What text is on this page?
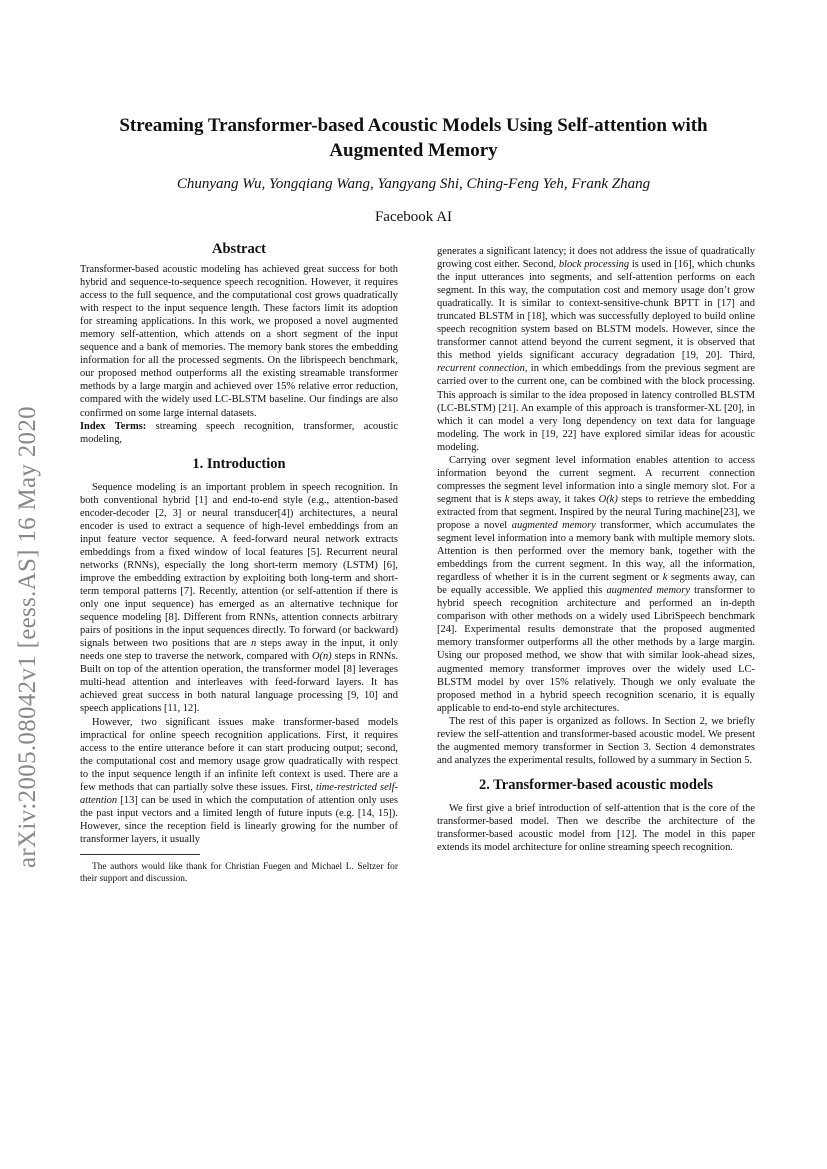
Streaming Transformer-based Acoustic Models Using Self-attention with
Augmented Memory
Chunyang Wu, Yongqiang Wang, Yangyang Shi, Ching-Feng Yeh, Frank Zhang
Facebook AI
arXiv:2005.08042v1 [eess.AS] 16 May 2020
Abstract

Transformer-based acoustic modeling has achieved great success for both hybrid and sequence-to-sequence speech recognition. However, it requires access to the full sequence, and the computational cost grows quadratically with respect to the input sequence length. These factors limit its adoption for streaming applications. In this work, we proposed a novel augmented memory self-attention, which attends on a short segment of the input sequence and a bank of memories. The memory bank stores the embedding information for all the processed segments. On the librispeech benchmark, our proposed method outperforms all the existing streamable transformer methods by a large margin and achieved over 15% relative error reduction, compared with the widely used LC-BLSTM baseline. Our findings are also confirmed on some large internal datasets.
Index Terms: streaming speech recognition, transformer, acoustic modeling,

1. Introduction

Sequence modeling is an important problem in speech recognition. In both conventional hybrid [1] and end-to-end style (e.g., attention-based encoder-decoder [2, 3] or neural transducer[4]) architectures, a neural encoder is used to extract a sequence of high-level embeddings from an input feature vector sequence. A feed-forward neural network extracts embeddings from a fixed window of local features [5]. Recurrent neural networks (RNNs), especially the long short-term memory (LSTM) [6], improve the embedding extraction by exploiting both long-term and short-term temporal patterns [7]. Recently, attention (or self-attention if there is only one input sequence) has emerged as an alternative technique for sequence modeling [8]. Different from RNNs, attention connects arbitrary pairs of positions in the input sequences directly. To forward (or backward) signals between two positions that are n steps away in the input, it only needs one step to traverse the network, compared with O(n) steps in RNNs. Built on top of the attention operation, the transformer model [8] leverages multi-head attention and interleaves with feed-forward layers. It has achieved great success in both natural language processing [9, 10] and speech applications [11, 12].

However, two significant issues make transformer-based models impractical for online speech recognition applications. First, it requires access to the entire utterance before it can start producing output; second, the computational cost and memory usage grow quadratically with respect to the input sequence length if an infinite left context is used. There are a few methods that can partially solve these issues. First, time-restricted self-attention [13] can be used in which the computation of attention only uses the past input vectors and a limited length of future inputs (e.g. [14, 15]). However, since the reception field is linearly growing for the number of transformer layers, it usually

The authors would like thank for Christian Fuegen and Michael L. Seltzer for their support and discussion.

generates a significant latency; it does not address the issue of quadratically growing cost either. Second, block processing is used in [16], which chunks the input utterances into segments, and self-attention performs on each segment. In this way, the computation cost and memory usage don’t grow quadratically. It is similar to context-sensitive-chunk BPTT in [17] and truncated BLSTM in [18], which was successfully deployed to build online speech recognition system based on BLSTM models. However, since the transformer cannot attend beyond the current segment, it is observed that this method yields significant accuracy degradation [19, 20]. Third, recurrent connection, in which embeddings from the previous segment are carried over to the current one, can be combined with the block processing. This approach is similar to the idea proposed in latency controlled BLSTM (LC-BLSTM) [21]. An example of this approach is transformer-XL [20], in which it can model a very long dependency on text data for language modeling. The work in [19, 22] have explored similar ideas for acoustic modeling.

Carrying over segment level information enables attention to access information beyond the current segment. A recurrent connection compresses the segment level information into a single memory slot. For a segment that is k steps away, it takes O(k) steps to retrieve the embedding extracted from that segment. Inspired by the neural Turing machine[23], we propose a novel augmented memory transformer, which accumulates the segment level information into a memory bank with multiple memory slots. Attention is then performed over the memory bank, together with the embeddings from the current segment. In this way, all the information, regardless of whether it is in the current segment or k segments away, can be equally accessible. We applied this augmented memory transformer to hybrid speech recognition architecture and performed an in-depth comparison with other methods on a widely used LibriSpeech benchmark [24]. Experimental results demonstrate that the proposed augmented memory transformer outperforms all the other methods by a large margin. Using our proposed method, we show that with similar look-ahead sizes, augmented memory transformer improves over the widely used LC-BLSTM model by over 15% relatively. Though we only evaluate the proposed method in a hybrid speech recognition scenario, it is equally applicable to end-to-end style architectures.

The rest of this paper is organized as follows. In Section 2, we briefly review the self-attention and transformer-based acoustic model. We present the augmented memory transformer in Section 3. Section 4 demonstrates and analyzes the experimental results, followed by a summary in Section 5.

2. Transformer-based acoustic models

We first give a brief introduction of self-attention that is the core of the transformer-based model. Then we describe the architecture of the transformer-based acoustic model from [12]. The model in this paper extends its model architecture for online streaming speech recognition.
